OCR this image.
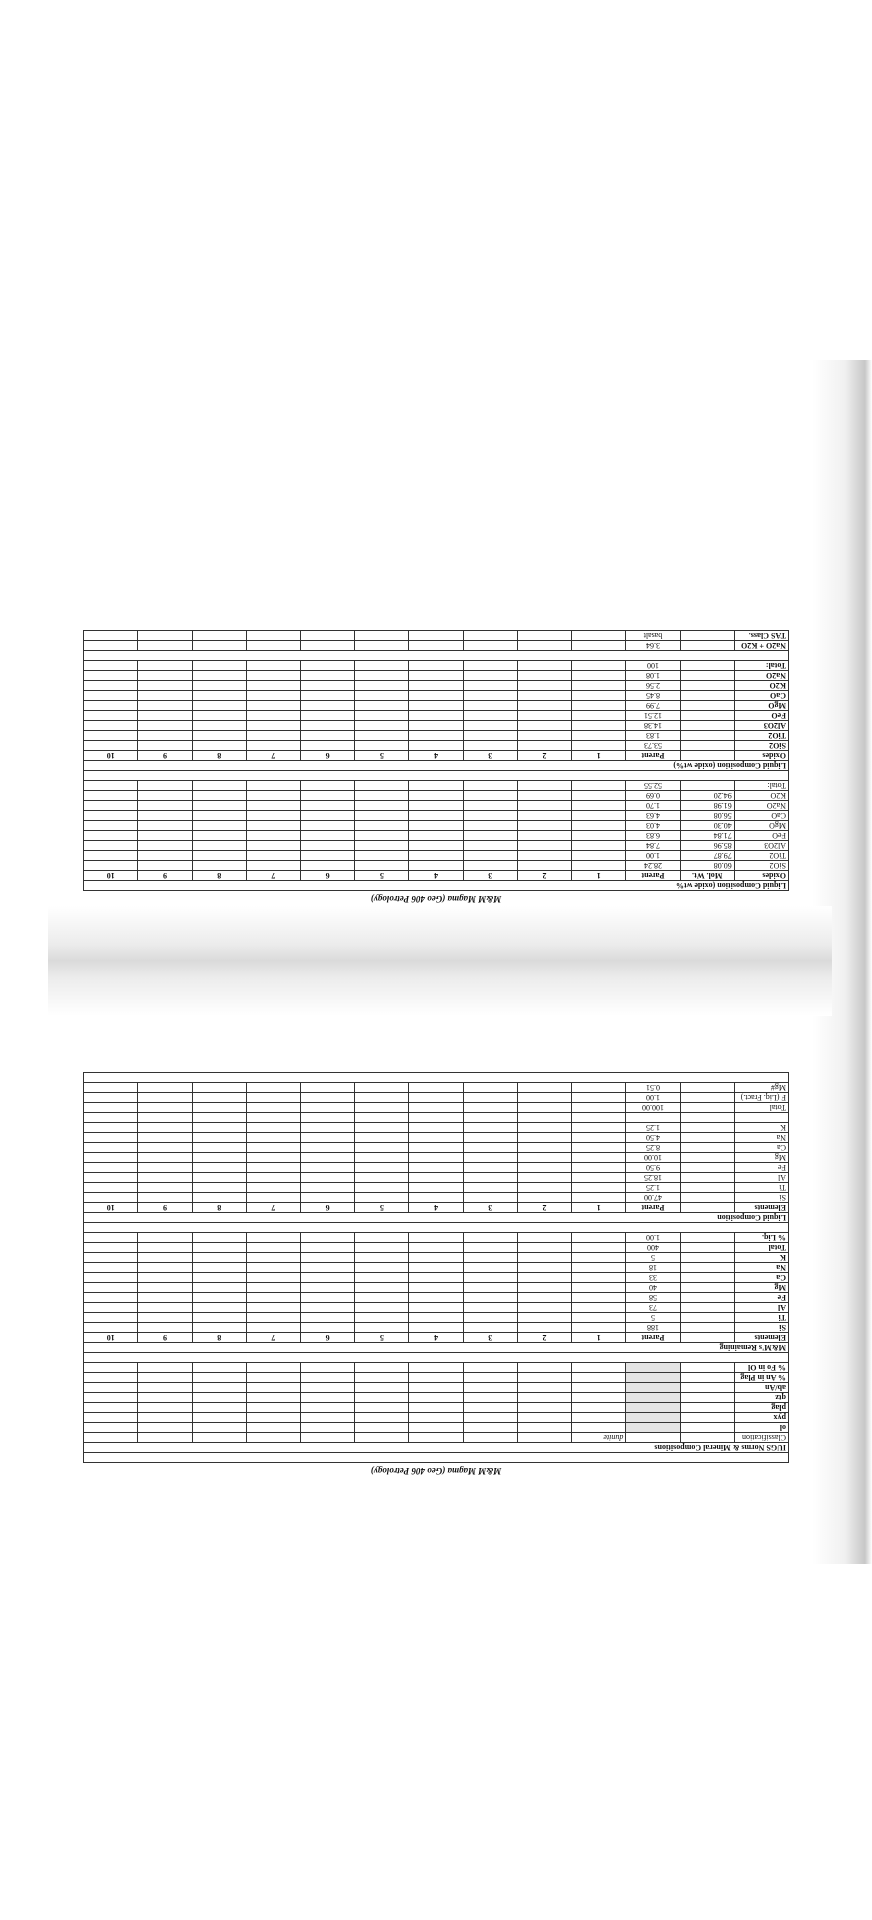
M&M Magma (Geo 406 Petrology)
Liquid Composition (oxide wt%												
Oxides	Mol. Wt.	Parent	1	2	3	4	5	6	7	8	9	10
SiO2	60.08	28.24										
TiO2	79.87	1.00										
Al2O3	85.96	7.84										
FeO	71.84	6.83										
MgO	40.30	4.03										
CaO	56.08	4.63										
Na2O	61.98	1.70										
K2O	94.20	0.69										
Total:		52.55										

Liquid Composition (oxide wt%)												
Oxides		Parent	1	2	3	4	5	6	7	8	9	10
SiO2		53.73										
TiO2		1.83										
Al2O3		14.38										
FeO		12.51										
MgO		7.99										
CaO		8.45										
K2O		2.56										
Na2O		1.08										
Total:		100										

Na2O + K2O		3.64										
TAS Class.		basalt										
M&M Magma (Geo 406 Petrology)

IUGS Norms & Mineral Compositions												
Classification			dunite									
ol												
pyx												
plag												
qtz												
ab/An												
% An in Plag												
% Fo in Ol												

M&M's Remaining												
Elements		Parent	1	2	3	4	5	6	7	8	9	10
Si		188										
Ti		5										
Al		73										
Fe		58										
Mg		40										
Ca		33										
Na		18										
K		5										
Total		400										
% Liq.		1.00										

Liquid Composition												
Elements		Parent	1	2	3	4	5	6	7	8	9	10
Si		47.00										
Ti		1.25										
Al		18.25										
Fe		9.50										
Mg		10.00										
Ca		8.25										
Na		4.50										
K		1.25										

Total		100.00										
F (Liq. Fract.)		1.00										
Mg#		0.51										
